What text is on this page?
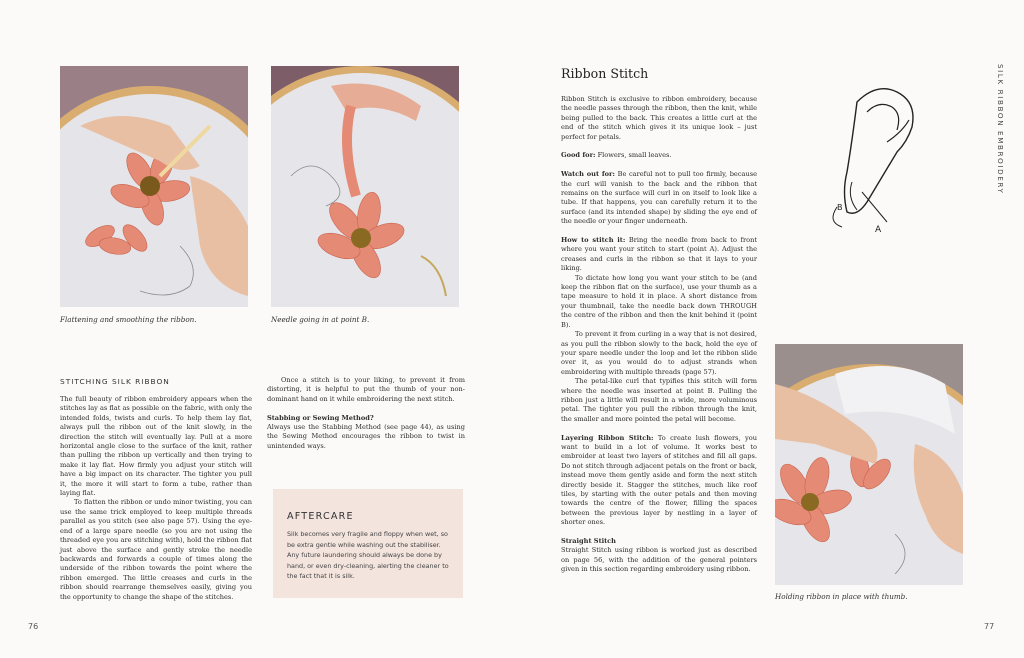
Flattening and smoothing the ribbon.	Needle going in at point B.
STITCHING SILK RIBBON

The full beauty of ribbon embroidery appears when the stitches lay as flat as possible on the fabric, with only the intended folds, twists and curls. To help them lay flat, always pull the ribbon out of the knit slowly, in the direction the stitch will eventually lay. Pull at a more horizontal angle close to the surface of the knit, rather than pulling the ribbon up vertically and then trying to make it lay flat. How firmly you adjust your stitch will have a big impact on its character. The tighter you pull it, the more it will start to form a tube, rather than laying flat.

To flatten the ribbon or undo minor twisting, you can use the same trick employed to keep multiple threads parallel as you stitch (see also page 57). Using the eye-end of a large spare needle (so you are not using the threaded eye you are stitching with), hold the ribbon flat just above the surface and gently stroke the needle backwards and forwards a couple of times along the underside of the ribbon towards the point where the ribbon emerged. The little creases and curls in the ribbon should rearrange themselves easily, giving you the opportunity to change the shape of the stitches.

Once a stitch is to your liking, to prevent it from distorting, it is helpful to put the thumb of your non-dominant hand on it while embroidering the next stitch.

Stabbing or Sewing Method?

Always use the Stabbing Method (see page 44), as using the Sewing Method encourages the ribbon to twist in unintended ways.

AFTERCARE
Silk becomes very fragile and floppy when wet, so be extra gentle while washing out the stabiliser. Any future laundering should always be done by hand, or even dry-cleaning, alerting the cleaner to the fact that it is silk.
76
Ribbon Stitch	SILK RIBBON EMBROIDERY

Ribbon Stitch is exclusive to ribbon embroidery, because the needle passes through the ribbon, then the knit, while being pulled to the back. This creates a little curl at the end of the stitch which gives it its unique look – just perfect for petals.

Good for: Flowers, small leaves.

Watch out for: Be careful not to pull too firmly, because the curl will vanish to the back and the ribbon that remains on the surface will curl in on itself to look like a tube. If that happens, you can carefully return it to the surface (and its intended shape) by sliding the eye end of the needle or your finger underneath.

How to stitch it: Bring the needle from back to front where you want your stitch to start (point A). Adjust the creases and curls in the ribbon so that it lays to your liking.

To dictate how long you want your stitch to be (and keep the ribbon flat on the surface), use your thumb as a tape measure to hold it in place. A short distance from your thumbnail, take the needle back down THROUGH the centre of the ribbon and then the knit behind it (point B).

To prevent it from curling in a way that is not desired, as you pull the ribbon slowly to the back, hold the eye of your spare needle under the loop and let the ribbon slide over it, as you would do to adjust strands when embroidering with multiple threads (page 57).

The petal-like curl that typifies this stitch will form where the needle was inserted at point B. Pulling the ribbon just a little will result in a wide, more voluminous petal. The tighter you pull the ribbon through the knit, the smaller and more pointed the petal will become.

Layering Ribbon Stitch: To create lush flowers, you want to build in a lot of volume. It works best to embroider at least two layers of stitches and fill all gaps. Do not stitch through adjacent petals on the front or back, instead move them gently aside and form the next stitch directly beside it. Stagger the stitches, much like roof tiles, by starting with the outer petals and then moving towards the centre of the flower, filling the spaces between the previous layer by nestling in a layer of shorter ones.

Straight Stitch

Straight Stitch using ribbon is worked just as described on page 56, with the addition of the general pointers given in this section regarding embroidery using ribbon.

B
A
Holding ribbon in place with thumb.
77
